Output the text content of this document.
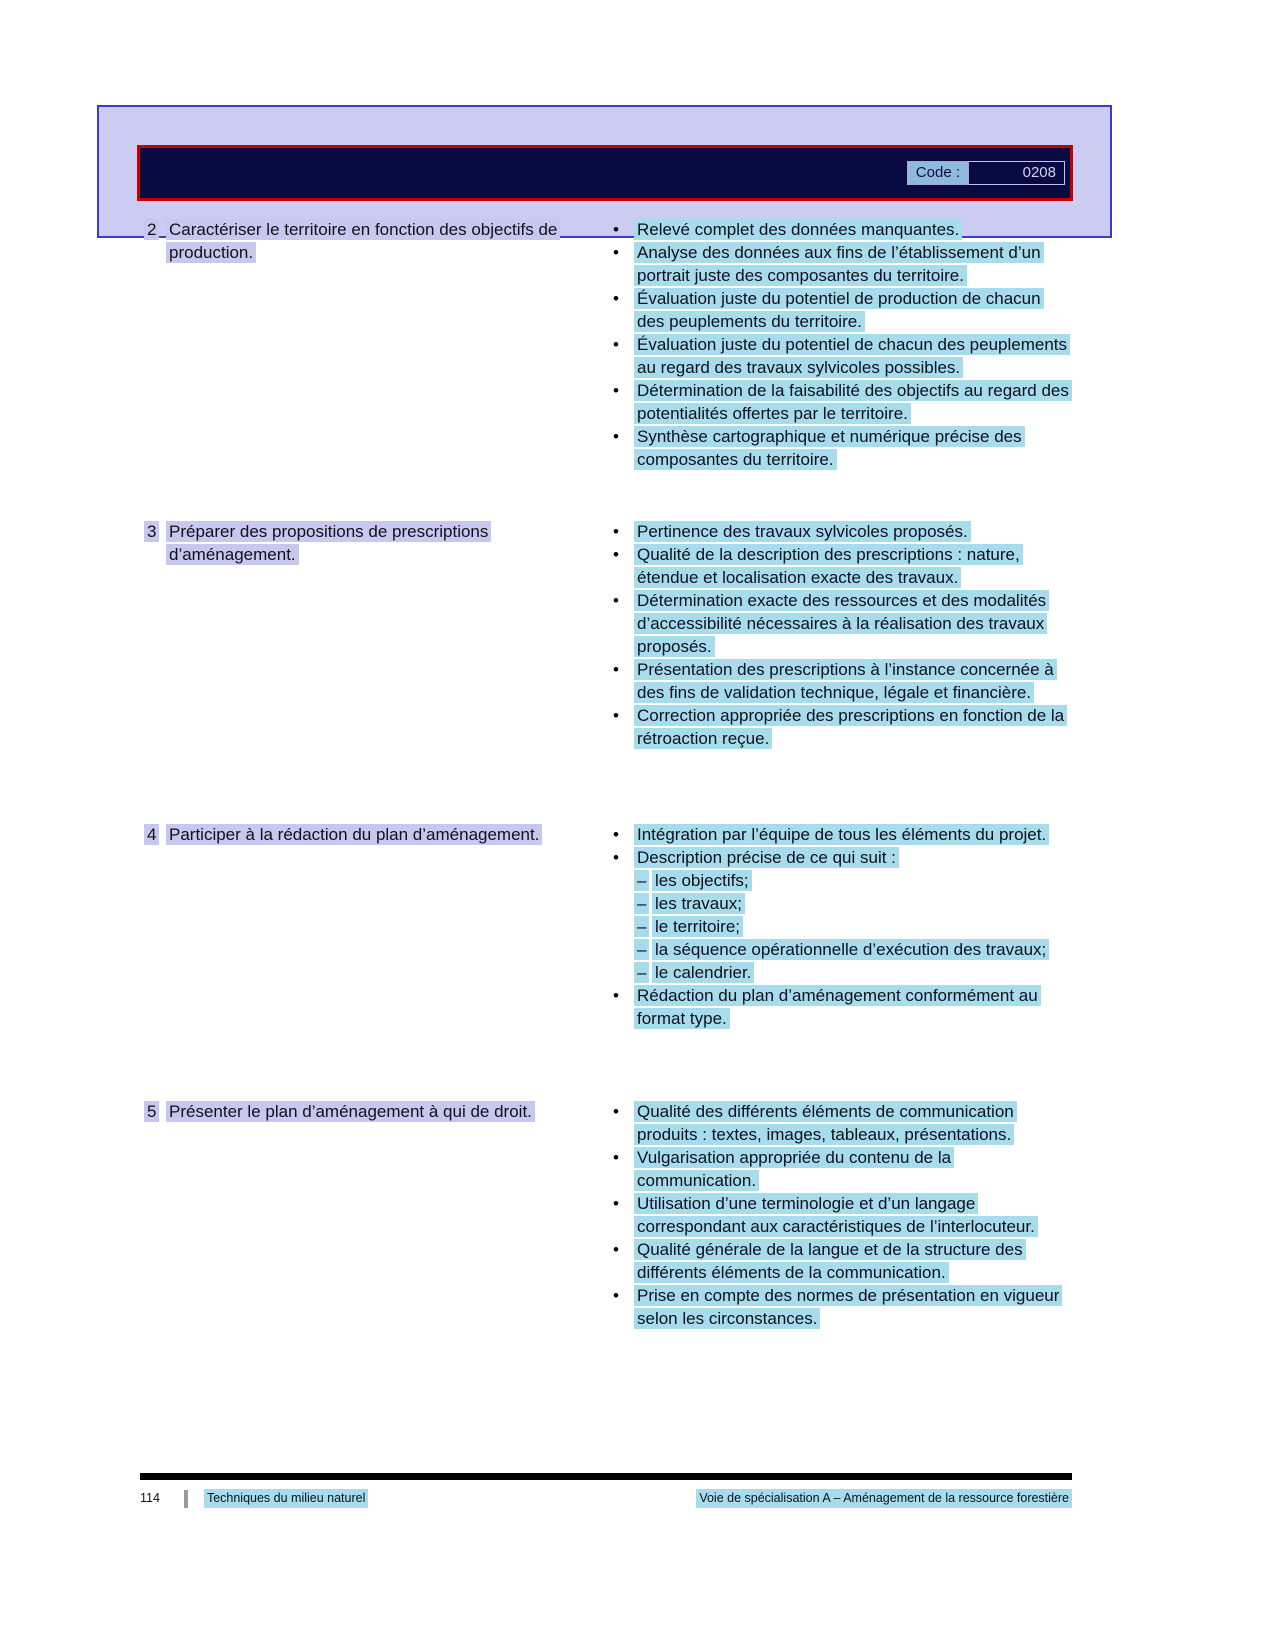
Code :	0208
2 Caractériser le territoire en fonction des objectifs de production.
•	Relevé complet des données manquantes.
•	Analyse des données aux fins de l’établissement d’un portrait juste des composantes du territoire.
•	Évaluation juste du potentiel de production de chacun des peuplements du territoire.
•	Évaluation juste du potentiel de chacun des peuplements au regard des travaux sylvicoles possibles.
•	Détermination de la faisabilité des objectifs au regard des potentialités offertes par le territoire.
•	Synthèse cartographique et numérique précise des composantes du territoire.
3 Préparer des propositions de prescriptions d’aménagement.
•	Pertinence des travaux sylvicoles proposés.
•	Qualité de la description des prescriptions : nature, étendue et localisation exacte des travaux.
•	Détermination exacte des ressources et des modalités d’accessibilité nécessaires à la réalisation des travaux proposés.
•	Présentation des prescriptions à l’instance concernée à des fins de validation technique, légale et financière.
•	Correction appropriée des prescriptions en fonction de la rétroaction reçue.
4 Participer à la rédaction du plan d’aménagement.	•	Intégration par l’équipe de tous les éléments du projet.
•	Description précise de ce qui suit :
– les objectifs;
– les travaux;
– le territoire;
– la séquence opérationnelle d’exécution des travaux;
– le calendrier.
•	Rédaction du plan d’aménagement conformément au format type.
5 Présenter le plan d’aménagement à qui de droit.	•	Qualité des différents éléments de communication produits : textes, images, tableaux, présentations.
•	Vulgarisation appropriée du contenu de la communication.
•	Utilisation d’une terminologie et d’un langage correspondant aux caractéristiques de l’interlocuteur.
•	Qualité générale de la langue et de la structure des différents éléments de la communication.
•	Prise en compte des normes de présentation en vigueur selon les circonstances.
114	Techniques du milieu naturel	Voie de spécialisation A – Aménagement de la ressource forestière
